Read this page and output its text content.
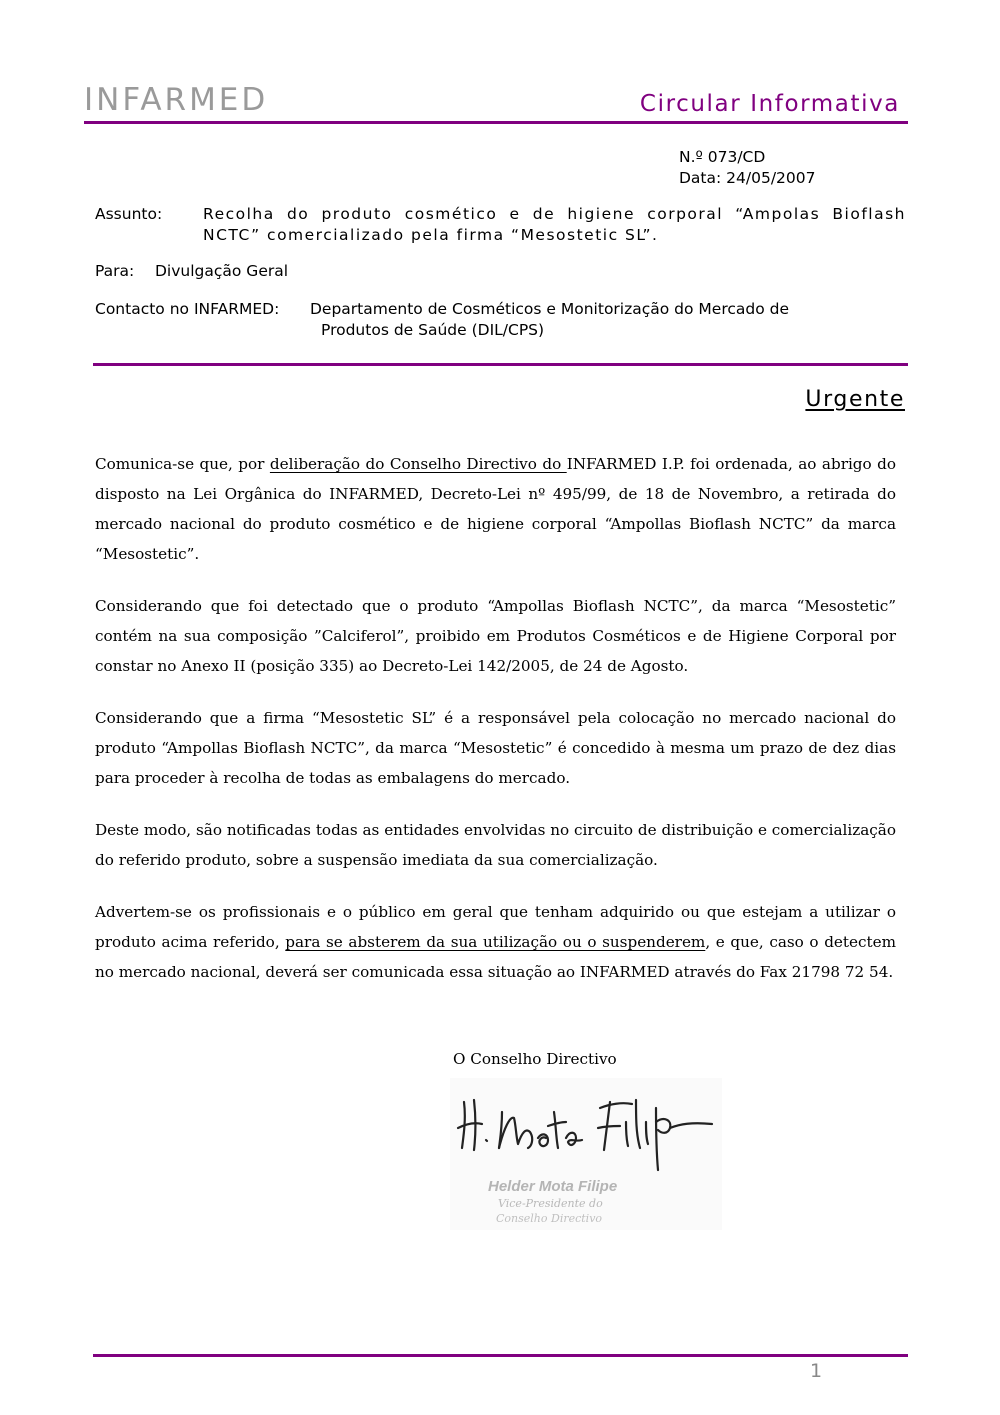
INFARMED	Circular Informativa
N.º 073/CD
Data: 24/05/2007
Assunto:	Recolha do produto cosmético e de higiene corporal “Ampolas Bioflash NCTC” comercializado pela firma “Mesostetic SL”.
Para: Divulgação Geral
Contacto no INFARMED: Departamento de Cosméticos e Monitorização do Mercado de
Produtos de Saúde (DIL/CPS)
Urgente

Comunica-se que, por deliberação do Conselho Directivo do INFARMED I.P. foi ordenada, ao abrigo do disposto na Lei Orgânica do INFARMED, Decreto-Lei nº 495/99, de 18 de Novembro, a retirada do mercado nacional do produto cosmético e de higiene corporal “Ampollas Bioflash NCTC” da marca “Mesostetic”.

Considerando que foi detectado que o produto “Ampollas Bioflash NCTC”, da marca “Mesostetic” contém na sua composição ”Calciferol”, proibido em Produtos Cosméticos e de Higiene Corporal por constar no Anexo II (posição 335) ao Decreto-Lei 142/2005, de 24 de Agosto.

Considerando que a firma “Mesostetic SL” é a responsável pela colocação no mercado nacional do produto “Ampollas Bioflash NCTC”, da marca “Mesostetic” é concedido à mesma um prazo de dez dias para proceder à recolha de todas as embalagens do mercado.

Deste modo, são notificadas todas as entidades envolvidas no circuito de distribuição e comercialização do referido produto, sobre a suspensão imediata da sua comercialização.

Advertem-se os profissionais e o público em geral que tenham adquirido ou que estejam a utilizar o produto acima referido, para se absterem da sua utilização ou o suspenderem, e que, caso o detectem no mercado nacional, deverá ser comunicada essa situação ao INFARMED através do Fax 21798 72 54.

O Conselho Directivo
Helder Mota Filipe
Vice-Presidente do
Conselho Directivo
1
